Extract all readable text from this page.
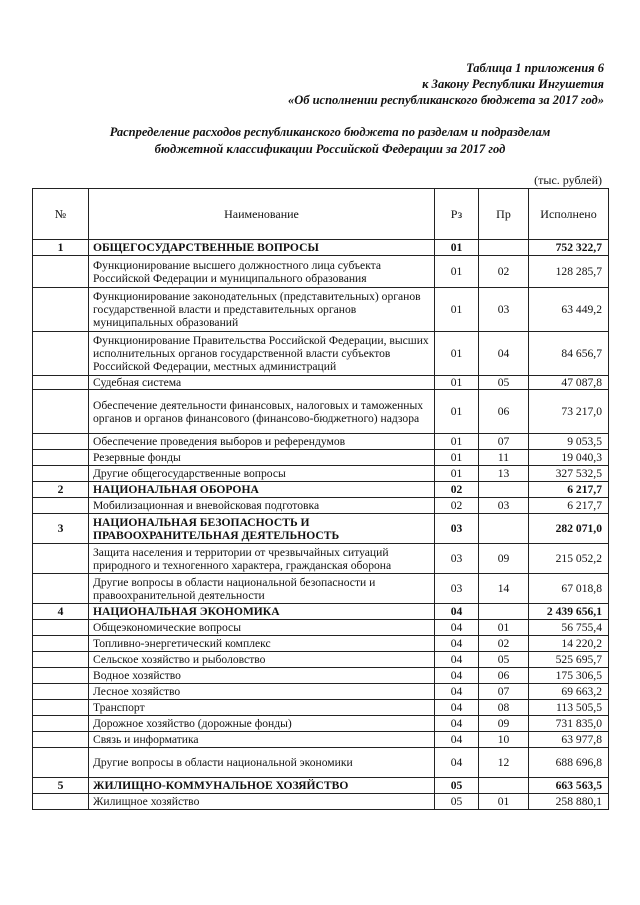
Таблица 1 приложения 6
к Закону Республики Ингушетия
«Об исполнении республиканского бюджета за 2017 год»
Распределение расходов республиканского бюджета по разделам и подразделам
бюджетной классификации Российской Федерации за 2017 год
(тыс. рублей)
№	Наименование	Рз	Пр	Исполнено
1	ОБЩЕГОСУДАРСТВЕННЫЕ ВОПРОСЫ	01		752 322,7
	Функционирование высшего должностного лица субъекта Российской Федерации и муниципального образования	01	02	128 285,7
	Функционирование законодательных (представительных) органов государственной власти и представительных органов муниципальных образований	01	03	63 449,2
	Функционирование Правительства Российской Федерации, высших исполнительных органов государственной власти субъектов Российской Федерации, местных администраций	01	04	84 656,7
	Судебная система	01	05	47 087,8
	Обеспечение деятельности финансовых, налоговых и таможенных органов и органов финансового (финансово-бюджетного) надзора	01	06	73 217,0
	Обеспечение проведения выборов и референдумов	01	07	9 053,5
	Резервные фонды	01	11	19 040,3
	Другие общегосударственные вопросы	01	13	327 532,5
2	НАЦИОНАЛЬНАЯ ОБОРОНА	02		6 217,7
	Мобилизационная и вневойсковая подготовка	02	03	6 217,7
3	НАЦИОНАЛЬНАЯ БЕЗОПАСНОСТЬ И ПРАВООХРАНИТЕЛЬНАЯ ДЕЯТЕЛЬНОСТЬ	03		282 071,0
	Защита населения и территории от чрезвычайных ситуаций природного и техногенного характера, гражданская оборона	03	09	215 052,2
	Другие вопросы в области национальной безопасности и правоохранительной деятельности	03	14	67 018,8
4	НАЦИОНАЛЬНАЯ ЭКОНОМИКА	04		2 439 656,1
	Общеэкономические вопросы	04	01	56 755,4
	Топливно-энергетический комплекс	04	02	14 220,2
	Сельское хозяйство и рыболовство	04	05	525 695,7
	Водное хозяйство	04	06	175 306,5
	Лесное хозяйство	04	07	69 663,2
	Транспорт	04	08	113 505,5
	Дорожное хозяйство (дорожные фонды)	04	09	731 835,0
	Связь и информатика	04	10	63 977,8
	Другие вопросы в области национальной экономики	04	12	688 696,8
5	ЖИЛИЩНО-КОММУНАЛЬНОЕ ХОЗЯЙСТВО	05		663 563,5
	Жилищное хозяйство	05	01	258 880,1
